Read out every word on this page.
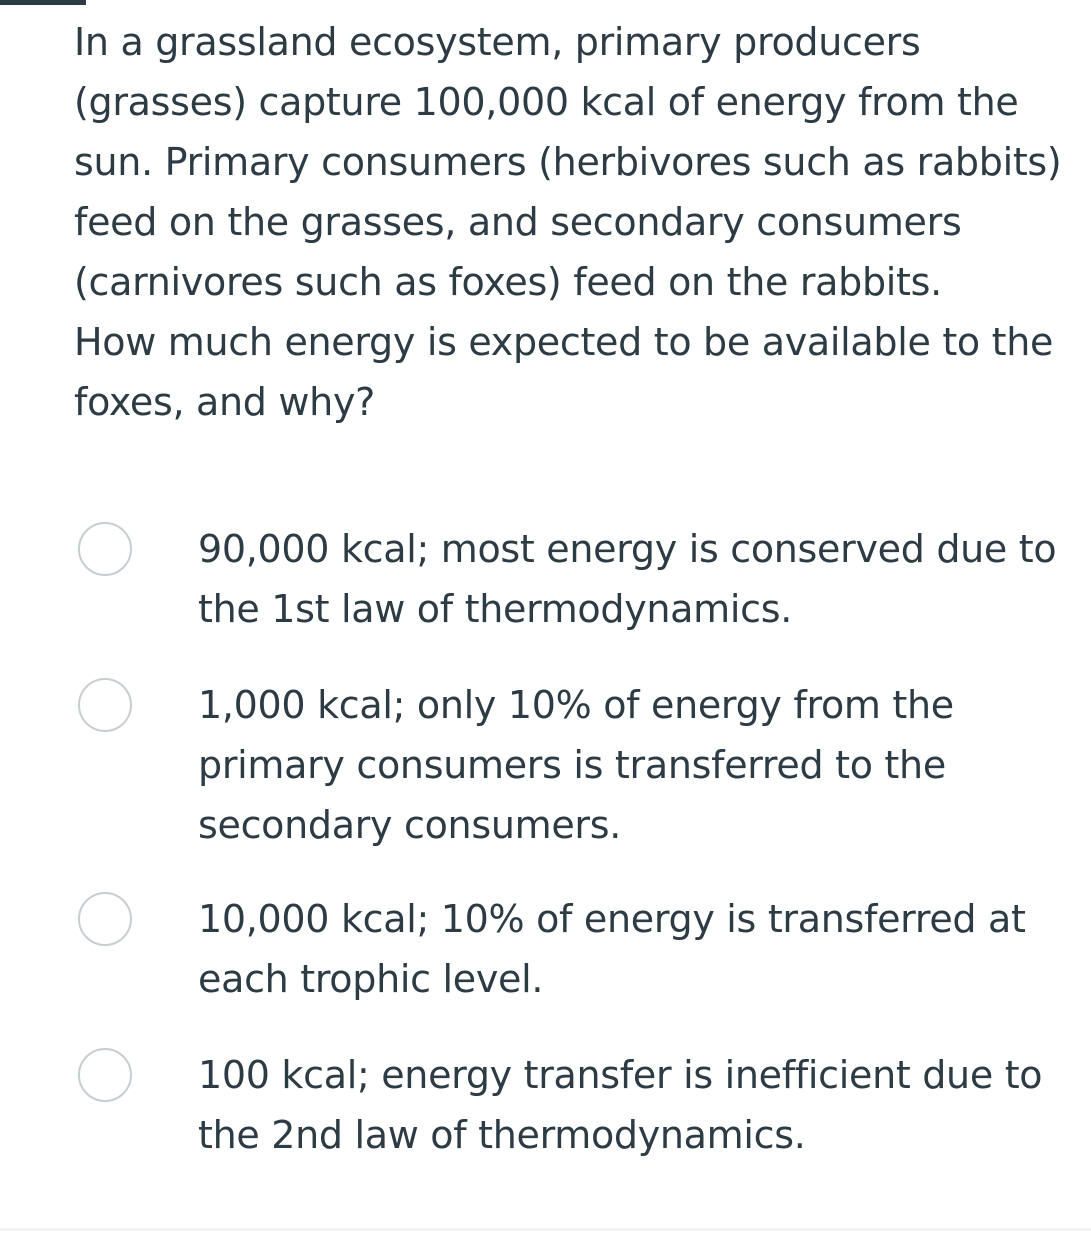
In a grassland ecosystem, primary producers (grasses) capture 100,000 kcal of energy from the sun. Primary consumers (herbivores such as rabbits) feed on the grasses, and secondary consumers (carnivores such as foxes) feed on the rabbits.

How much energy is expected to be available to the foxes, and why?

90,000 kcal; most energy is conserved due to the 1st law of thermodynamics.

1,000 kcal; only 10% of energy from the primary consumers is transferred to the secondary consumers.

10,000 kcal; 10% of energy is transferred at each trophic level.

100 kcal; energy transfer is inefficient due to the 2nd law of thermodynamics.
